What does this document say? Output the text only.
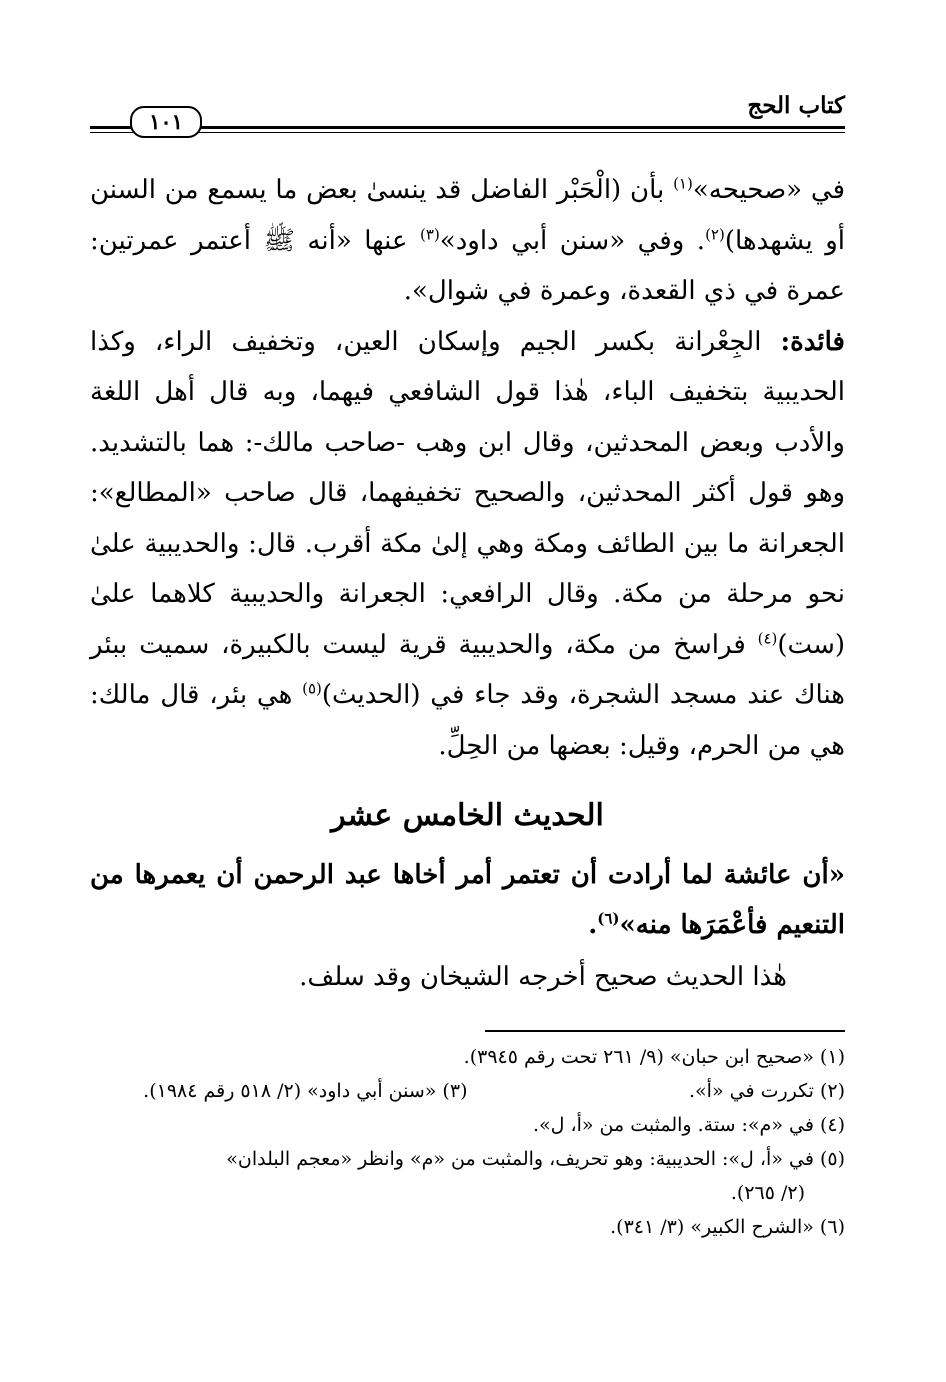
كتاب الحج
١٠١

في «صحيحه»$^{(١)}$ بأن (الْحَبْر الفاضل قد ينسىٰ بعض ما يسمع من السنن أو يشهدها)$^{(٢)}$. وفي «سنن أبي داود»$^{(٣)}$ عنها «أنه ﷺ أعتمر عمرتين: عمرة في ذي القعدة، وعمرة في شوال».

فائدة: الجِعْرانة بكسر الجيم وإسكان العين، وتخفيف الراء، وكذا الحديبية بتخفيف الباء، هٰذا قول الشافعي فيهما، وبه قال أهل اللغة والأدب وبعض المحدثين، وقال ابن وهب -صاحب مالك-: هما بالتشديد. وهو قول أكثر المحدثين، والصحيح تخفيفهما، قال صاحب «المطالع»: الجعرانة ما بين الطائف ومكة وهي إلىٰ مكة أقرب. قال: والحديبية علىٰ نحو مرحلة من مكة. وقال الرافعي: الجعرانة والحديبية كلاهما علىٰ (ست)$^{(٤)}$ فراسخ من مكة، والحديبية قرية ليست بالكبيرة، سميت ببئر هناك عند مسجد الشجرة، وقد جاء في (الحديث)$^{(٥)}$ هي بئر، قال مالك: هي من الحرم، وقيل: بعضها من الحِلِّ.

الحديث الخامس عشر
«أن عائشة لما أرادت أن تعتمر أمر أخاها عبد الرحمن أن يعمرها من التنعيم فأعْمَرَها منه»$^{(٦)}$.
هٰذا الحديث صحيح أخرجه الشيخان وقد سلف.

(١) «صحيح ابن حبان» (٩/ ٢٦١ تحت رقم ٣٩٤٥).

(٢) تكررت في «أ».

(٣) «سنن أبي داود» (٢/ ٥١٨ رقم ١٩٨٤).

(٤) في «م»: ستة. والمثبت من «أ، ل».

(٥) في «أ، ل»: الحديبية: وهو تحريف، والمثبت من «م» وانظر «معجم البلدان»

(٢/ ٢٦٥).

(٦) «الشرح الكبير» (٣/ ٣٤١).
